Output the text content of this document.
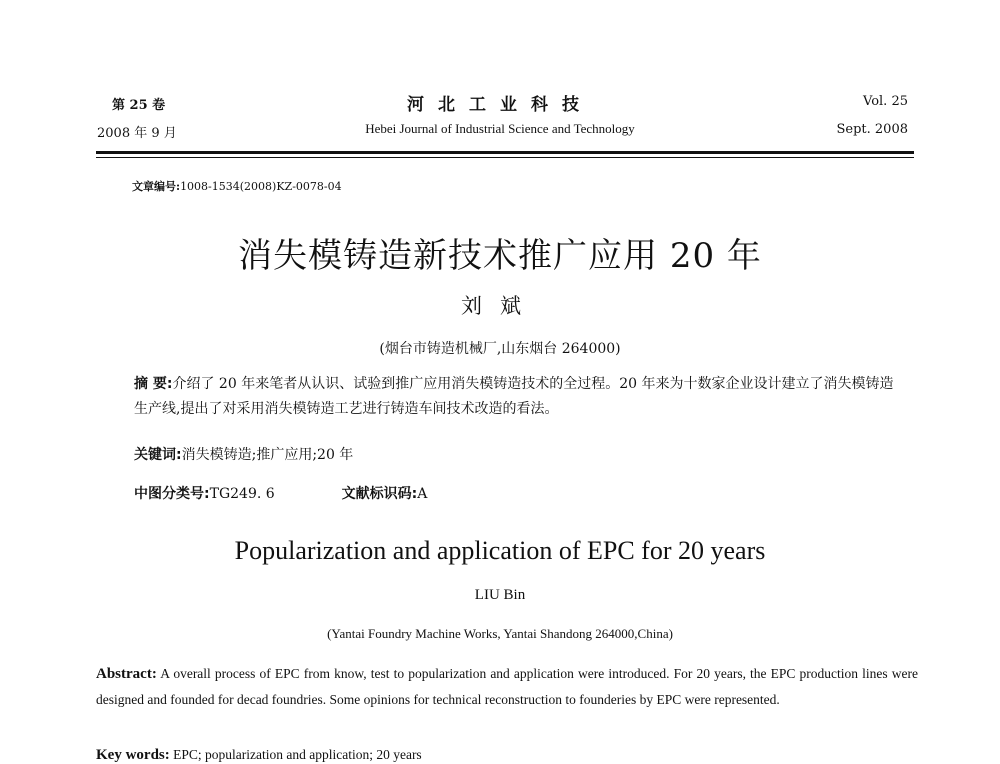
第 25 卷
2008 年 9 月
河北工业科技
Hebei Journal of Industrial Science and Technology
Vol. 25
Sept. 2008
文章编号:1008-1534(2008)KZ-0078-04
消失模铸造新技术推广应用 20 年
刘斌
(烟台市铸造机械厂,山东烟台 264000)
摘 要:介绍了 20 年来笔者从认识、试验到推广应用消失模铸造技术的全过程。20 年来为十数家企业设计建立了消失模铸造生产线,提出了对采用消失模铸造工艺进行铸造车间技术改造的看法。
关键词:消失模铸造;推广应用;20 年
中图分类号:TG249. 6	文献标识码:A
Popularization and application of EPC for 20 years
LIU Bin
(Yantai Foundry Machine Works, Yantai Shandong 264000,China)
Abstract: A overall process of EPC from know, test to popularization and application were introduced. For 20 years, the EPC production lines were designed and founded for decad foundries. Some opinions for technical reconstruction to founderies by EPC were represented.
Key words: EPC; popularization and application; 20 years
